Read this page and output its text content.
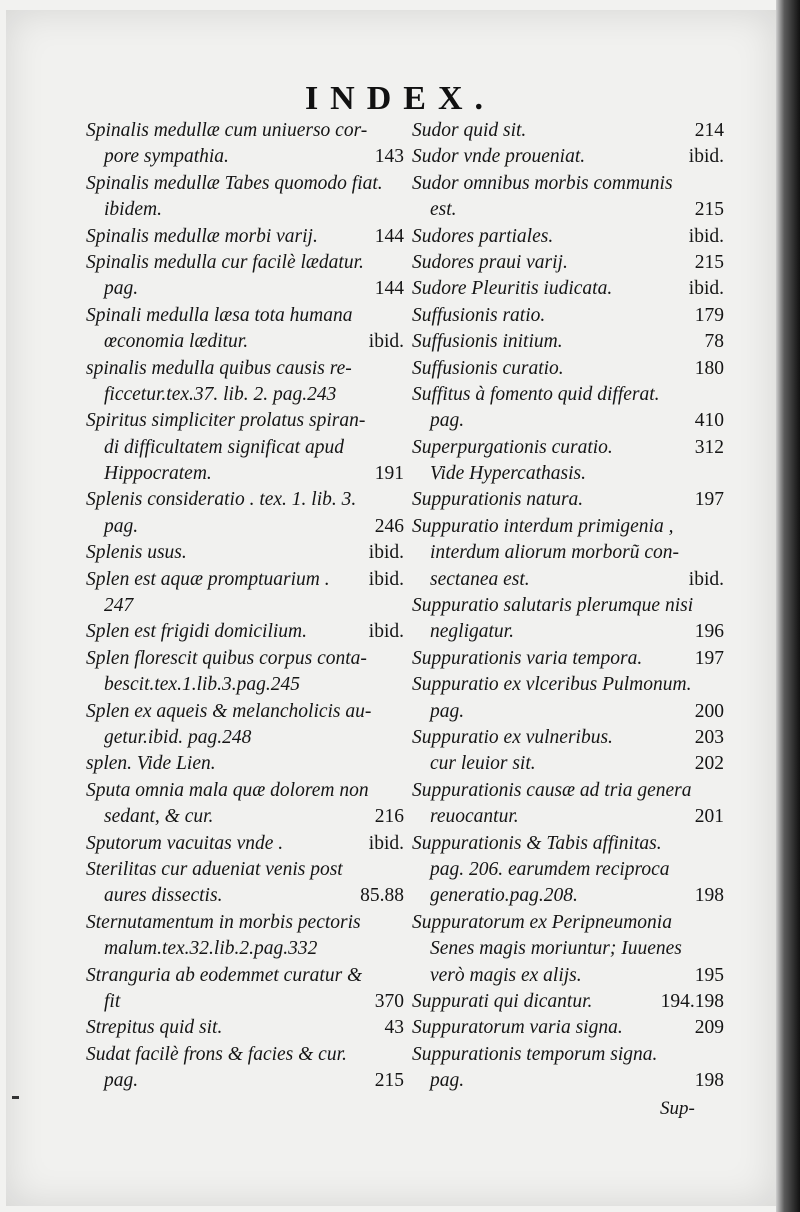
INDEX.
Spinalis medullæ cum uniuerso cor-
pore sympathia.	143
Spinalis medullæ Tabes quomodo fiat.
ibidem.
Spinalis medullæ morbi varij.	144
Spinalis medulla cur facilè lædatur.
pag.	144
Spinali medulla læsa tota humana
œconomia læditur.	ibid.
spinalis medulla quibus causis re-
ficcetur.tex.37. lib. 2. pag.243
Spiritus simpliciter prolatus spiran-
di difficultatem significat apud
Hippocratem.	191
Splenis consideratio . tex. 1. lib. 3.
pag.	246
Splenis usus.	ibid.
Splen est aquæ promptuarium . ibid.
247
Splen est frigidi domicilium.	ibid.
Splen florescit quibus corpus conta-
bescit.tex.1.lib.3.pag.245
Splen ex aqueis & melancholicis au-
getur.ibid. pag.248
splen. Vide Lien.
Sputa omnia mala quæ dolorem non
sedant, & cur.	216
Sputorum vacuitas vnde .	ibid.
Sterilitas cur adueniat venis post
aures dissectis.	85.88
Sternutamentum in morbis pectoris
malum.tex.32.lib.2.pag.332
Stranguria ab eodemmet curatur &
fit	370
Strepitus quid sit.	43
Sudat facilè frons & facies & cur.
pag.	215
Sudor quid sit.	214
Sudor vnde proueniat.	ibid.
Sudor omnibus morbis communis
est.	215
Sudores partiales.	ibid.
Sudores praui varij.	215
Sudore Pleuritis iudicata.	ibid.
Suffusionis ratio.	179
Suffusionis initium.	78
Suffusionis curatio.	180
Suffitus à fomento quid differat.
pag.	410
Superpurgationis curatio.	312
Vide Hypercathasis.
Suppurationis natura.	197
Suppuratio interdum primigenia ,
interdum aliorum morborũ con-
sectanea est.	ibid.
Suppuratio salutaris plerumque nisi
negligatur.	196
Suppurationis varia tempora.	197
Suppuratio ex vlceribus Pulmonum.
pag.	200
Suppuratio ex vulneribus.	203
cur leuior sit.	202
Suppurationis causæ ad tria genera
reuocantur.	201
Suppurationis & Tabis affinitas.
pag. 206. earumdem reciproca
generatio.pag.208.	198
Suppuratorum ex Peripneumonia
Senes magis moriuntur; Iuuenes
verò magis ex alijs.	195
Suppurati qui dicantur.	194.198
Suppuratorum varia signa.	209
Suppurationis temporum signa.
pag.	198
Sup-
